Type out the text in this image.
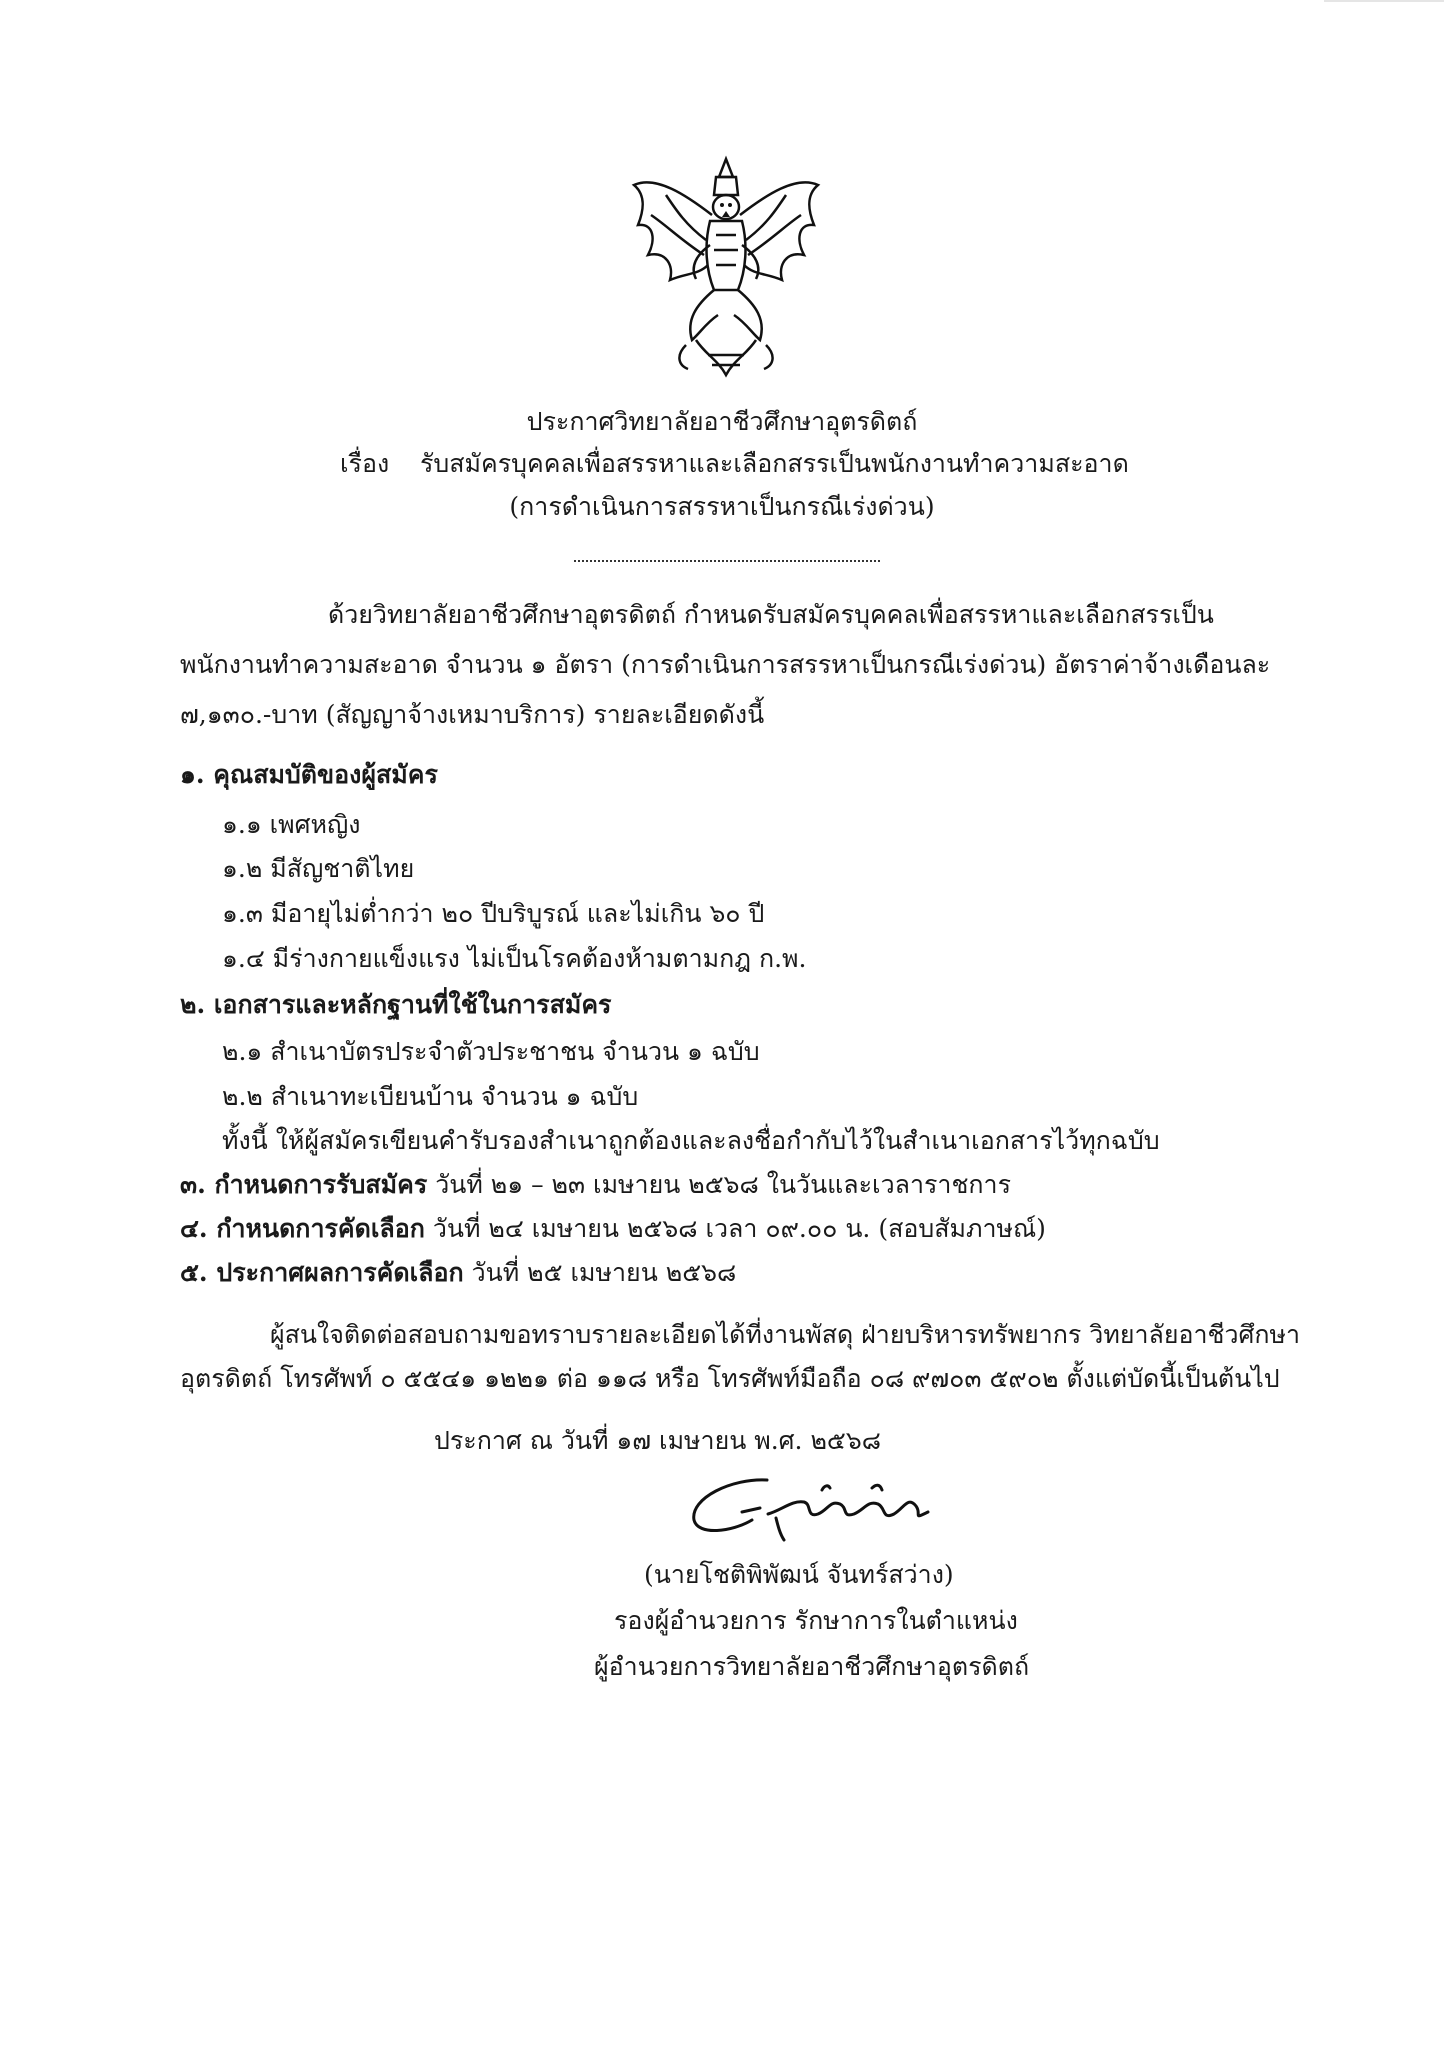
ประกาศวิทยาลัยอาชีวศึกษาอุตรดิตถ์
เรื่อง รับสมัครบุคคลเพื่อสรรหาและเลือกสรรเป็นพนักงานทำความสะอาด
(การดำเนินการสรรหาเป็นกรณีเร่งด่วน)
ด้วยวิทยาลัยอาชีวศึกษาอุตรดิตถ์ กำหนดรับสมัครบุคคลเพื่อสรรหาและเลือกสรรเป็น
พนักงานทำความสะอาด จำนวน ๑ อัตรา (การดำเนินการสรรหาเป็นกรณีเร่งด่วน) อัตราค่าจ้างเดือนละ
๗,๑๓๐.-บาท (สัญญาจ้างเหมาบริการ) รายละเอียดดังนี้
๑. คุณสมบัติของผู้สมัคร
๑.๑ เพศหญิง
๑.๒ มีสัญชาติไทย
๑.๓ มีอายุไม่ต่ำกว่า ๒๐ ปีบริบูรณ์ และไม่เกิน ๖๐ ปี
๑.๔ มีร่างกายแข็งแรง ไม่เป็นโรคต้องห้ามตามกฎ ก.พ.
๒. เอกสารและหลักฐานที่ใช้ในการสมัคร
๒.๑ สำเนาบัตรประจำตัวประชาชน จำนวน ๑ ฉบับ
๒.๒ สำเนาทะเบียนบ้าน จำนวน ๑ ฉบับ
ทั้งนี้ ให้ผู้สมัครเขียนคำรับรองสำเนาถูกต้องและลงชื่อกำกับไว้ในสำเนาเอกสารไว้ทุกฉบับ
๓. กำหนดการรับสมัคร วันที่ ๒๑ – ๒๓ เมษายน ๒๕๖๘ ในวันและเวลาราชการ
๔. กำหนดการคัดเลือก วันที่ ๒๔ เมษายน ๒๕๖๘ เวลา ๐๙.๐๐ น. (สอบสัมภาษณ์)
๕. ประกาศผลการคัดเลือก วันที่ ๒๕ เมษายน ๒๕๖๘
ผู้สนใจติดต่อสอบถามขอทราบรายละเอียดได้ที่งานพัสดุ ฝ่ายบริหารทรัพยากร วิทยาลัยอาชีวศึกษา
อุตรดิตถ์ โทรศัพท์ ๐ ๕๕๔๑ ๑๒๒๑ ต่อ ๑๑๘ หรือ โทรศัพท์มือถือ ๐๘ ๙๗๐๓ ๕๙๐๒ ตั้งแต่บัดนี้เป็นต้นไป
ประกาศ ณ วันที่ ๑๗ เมษายน พ.ศ. ๒๕๖๘
(นายโชติพิพัฒน์ จันทร์สว่าง)
รองผู้อำนวยการ รักษาการในตำแหน่ง
ผู้อำนวยการวิทยาลัยอาชีวศึกษาอุตรดิตถ์
